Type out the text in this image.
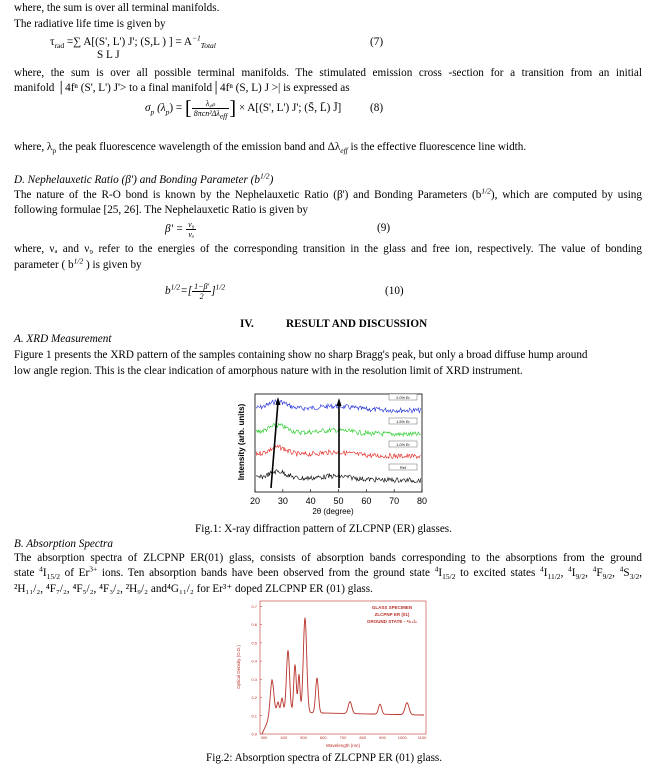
where, the sum is over all terminal manifolds.
The radiative life time is given by
$\tau_{rad}$ =∑ A[(S', L') J'; (S,L ) ] = $A^{-1}_{Total}$
S L J
(7)
where, the sum is over all possible terminal manifolds. The stimulated emission cross -section for a transition from an initial
manifold │4fⁿ (S', L') J'> to a final manifold│4fⁿ (S, L) J >| is expressed as
$\sigma_p$ $(\lambda_p)$ = [ $\frac{\text{λ₄ₚ}}{8\pi cn^2\Delta\lambda_{eff}}$ ] × A[(S', L') J'; (S̄, L̄) J̄]	(8)
where, $\lambda_p$ the peak fluorescence wavelength of the emission band and $\Delta\lambda_{eff}$ is the effective fluorescence line width.
D. Nephelauxetic Ratio (β') and Bonding Parameter $(b^{1/2})$
The nature of the R-O bond is known by the Nephelauxetic Ratio (β') and Bonding Parameters $(b^{1/2})$, which are computed by using
following formulae [25, 26]. The Nephelauxetic Ratio is given by
$\beta' = \frac{\text{ν₉}}{\text{νₐ}}$	(9)
where, νₐ and ν₉ refer to the energies of the corresponding transition in the glass and free ion, respectively. The value of bonding
parameter ( $b^{1/2}$ ) is given by
$b^{1/2}=[ \frac{1-\beta'}{2} ]^{1/2}$	(10)
IV.	RESULT AND DISCUSSION
A. XRD Measurement
Figure 1 presents the XRD pattern of the samples containing show no sharp Bragg's peak, but only a broad diffuse hump around
low angle region. This is the clear indication of amorphous nature with in the resolution limit of XRD instrument.
Intensity (arb. units)
2.0% Er
1.5% Er
1.0% Er
Ref
20 30 40 50 60 70 80
2θ (degree)
Fig.1: X-ray diffraction pattern of ZLCPNP (ER) glasses.
B. Absorption Spectra
The absorption spectra of ZLCPNP ER(01) glass, consists of absorption bands corresponding to the absorptions from the ground
state $^4I_{15/2}$ of $Er^{3+}$ ions. Ten absorption bands have been observed from the ground state $^4I_{15/2}$ to excited states $^4I_{11/2}$, $^4I_{9/2}$, $^4F_{9/2}$, $^4S_{3/2}$,
²H₁₁/₂, ⁴F₇/₂, ⁴F₅/₂, ⁴F₃/₂, ²H₉/₂ and⁴G₁₁/₂ for Er³⁺ doped ZLCPNP ER (01) glass.
Optical Density (O.D.)
Wavelength (nm)
GLASS SPECIMEN
ZLCPNP ER (01)
GROUND STATE - ⁴I₁₅/₂
0.0
0.1
0.2
0.3
0.4
0.5
0.6
0.7
300	400	500	600	700	800	900	1000	1100
Fig.2: Absorption spectra of ZLCPNP ER (01) glass.
